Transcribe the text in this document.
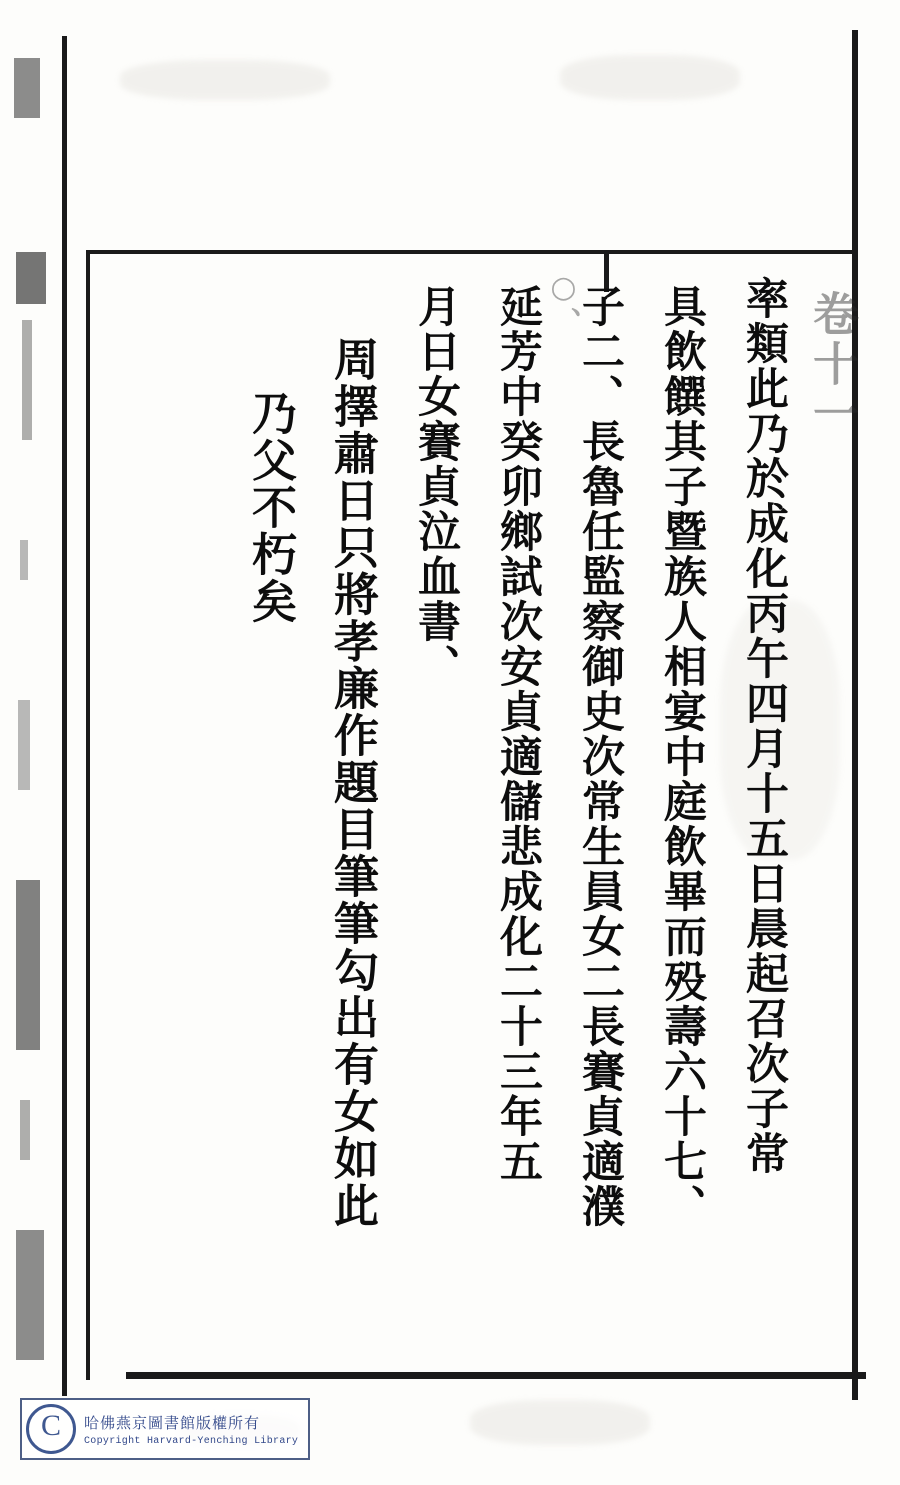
卷十一
○、	率類此乃於成化丙午四月十五日晨起召次子常
具飲饌其子暨族人相宴中庭飲畢而殁壽六十七、
子二、長魯任監察御史次常生員女二長賽貞適濮
延芳中癸卯鄉試次安貞適儲悲成化二十三年五
月日女賽貞泣血書、
周擇肅日只將孝廉作題目筆筆勾出有女如此
乃父不朽矣
C	哈佛燕京圖書館版權所有
Copyright Harvard-Yenching Library
